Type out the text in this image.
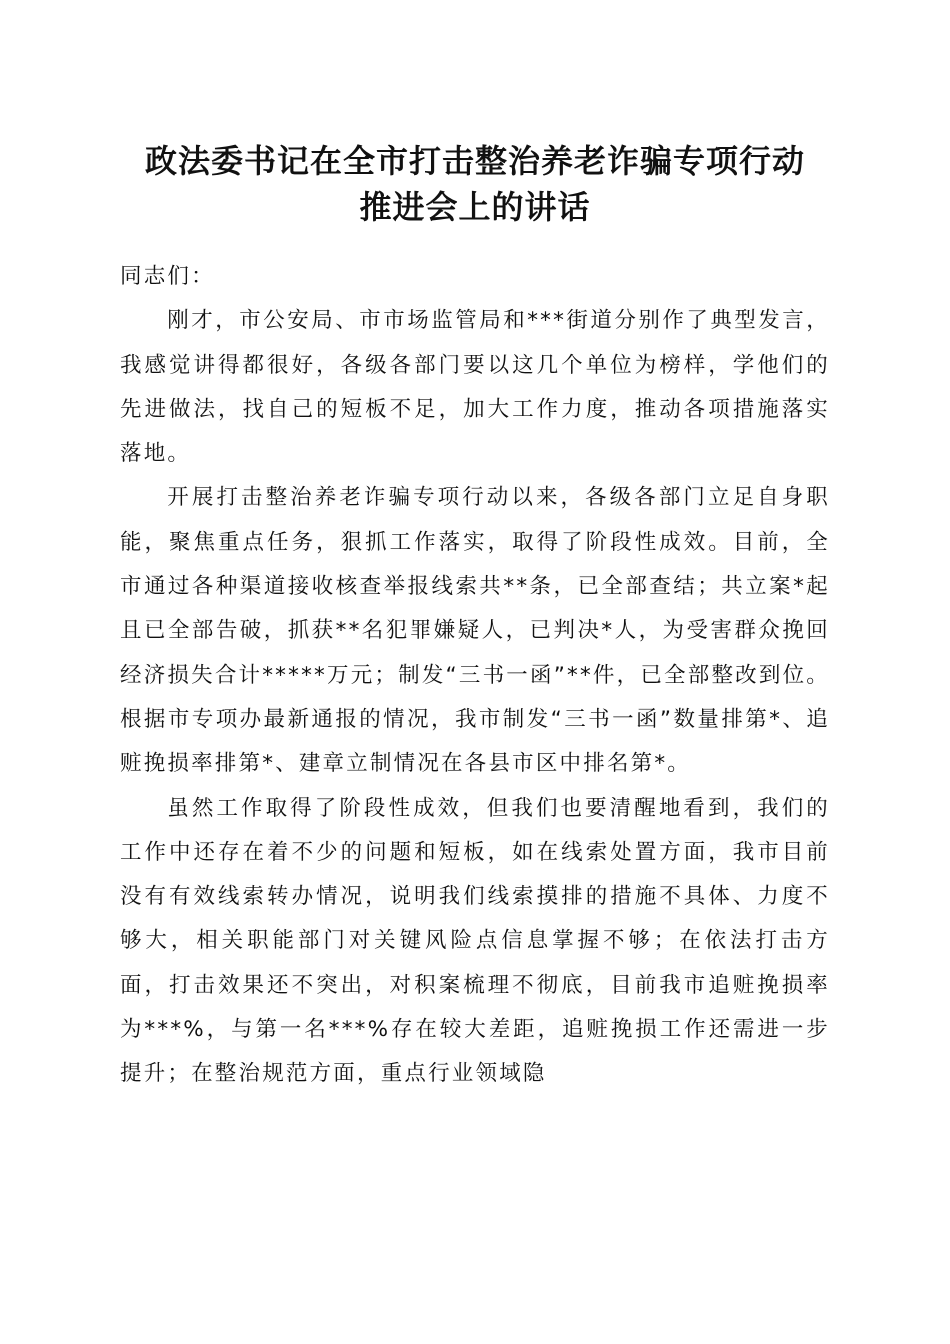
政法委书记在全市打击整治养老诈骗专项行动
推进会上的讲话

同志们：

刚才，市公安局、市市场监管局和***街道分别作了典型发言，我感觉讲得都很好，各级各部门要以这几个单位为榜样，学他们的先进做法，找自己的短板不足，加大工作力度，推动各项措施落实落地。

开展打击整治养老诈骗专项行动以来，各级各部门立足自身职能，聚焦重点任务，狠抓工作落实，取得了阶段性成效。目前，全市通过各种渠道接收核查举报线索共**条，已全部查结；共立案*起且已全部告破，抓获**名犯罪嫌疑人，已判决*人，为受害群众挽回经济损失合计*****万元；制发“三书一函”**件，已全部整改到位。根据市专项办最新通报的情况，我市制发“三书一函”数量排第*、追赃挽损率排第*、建章立制情况在各县市区中排名第*。

虽然工作取得了阶段性成效，但我们也要清醒地看到，我们的工作中还存在着不少的问题和短板，如在线索处置方面，我市目前没有有效线索转办情况，说明我们线索摸排的措施不具体、力度不够大，相关职能部门对关键风险点信息掌握不够；在依法打击方面，打击效果还不突出，对积案梳理不彻底，目前我市追赃挽损率为***%，与第一名***%存在较大差距，追赃挽损工作还需进一步提升；在整治规范方面，重点行业领域隐
